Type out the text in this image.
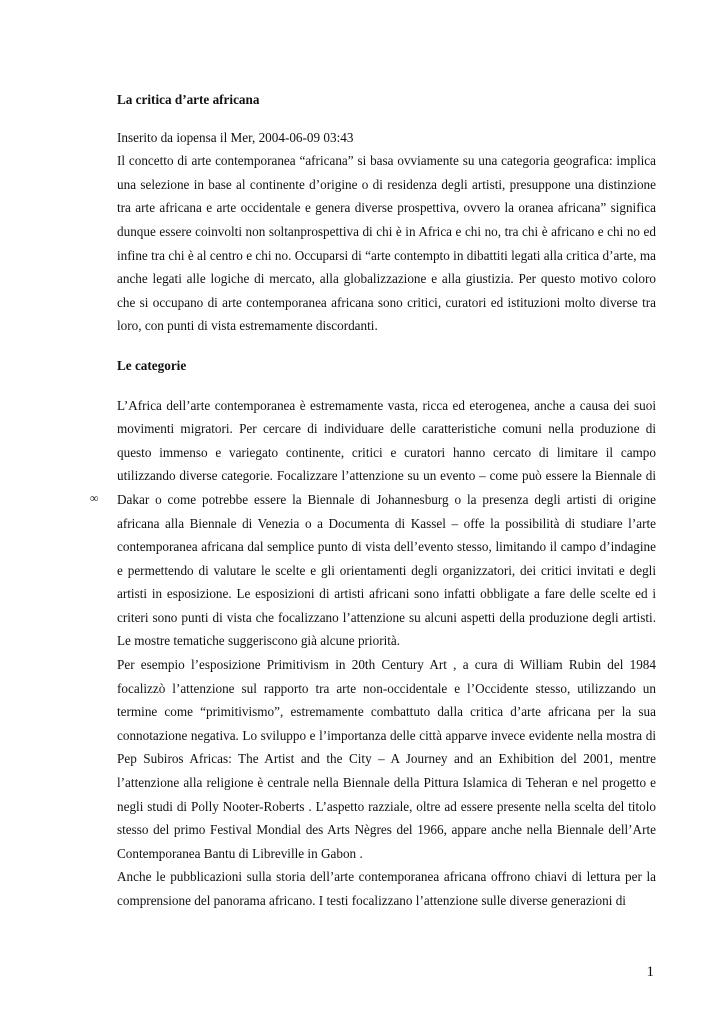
∞
La critica d’arte africana
Inserito da iopensa il Mer, 2004-06-09 03:43

Il concetto di arte contemporanea “africana” si basa ovviamente su una categoria geografica: implica una selezione in base al continente d’origine o di residenza degli artisti, presuppone una distinzione tra arte africana e arte occidentale e genera diverse prospettiva, ovvero la oranea africana” significa dunque essere coinvolti non soltanprospettiva di chi è in Africa e chi no, tra chi è africano e chi no ed infine tra chi è al centro e chi no. Occuparsi di “arte contempto in dibattiti legati alla critica d’arte, ma anche legati alle logiche di mercato, alla globalizzazione e alla giustizia. Per questo motivo coloro che si occupano di arte contemporanea africana sono critici, curatori ed istituzioni molto diverse tra loro, con punti di vista estremamente discordanti.

Le categorie

L’Africa dell’arte contemporanea è estremamente vasta, ricca ed eterogenea, anche a causa dei suoi movimenti migratori. Per cercare di individuare delle caratteristiche comuni nella produzione di questo immenso e variegato continente, critici e curatori hanno cercato di limitare il campo utilizzando diverse categorie. Focalizzare l’attenzione su un evento – come può essere la Biennale di Dakar o come potrebbe essere la Biennale di Johannesburg o la presenza degli artisti di origine africana alla Biennale di Venezia o a Documenta di Kassel – offe la possibilità di studiare l’arte contemporanea africana dal semplice punto di vista dell’evento stesso, limitando il campo d’indagine e permettendo di valutare le scelte e gli orientamenti degli organizzatori, dei critici invitati e degli artisti in esposizione. Le esposizioni di artisti africani sono infatti obbligate a fare delle scelte ed i criteri sono punti di vista che focalizzano l’attenzione su alcuni aspetti della produzione degli artisti. Le mostre tematiche suggeriscono già alcune priorità.

Per esempio l’esposizione Primitivism in 20th Century Art , a cura di William Rubin del 1984 focalizzò l’attenzione sul rapporto tra arte non-occidentale e l’Occidente stesso, utilizzando un termine come “primitivismo”, estremamente combattuto dalla critica d’arte africana per la sua connotazione negativa. Lo sviluppo e l’importanza delle città apparve invece evidente nella mostra di Pep Subiros Africas: The Artist and the City – A Journey and an Exhibition del 2001, mentre l’attenzione alla religione è centrale nella Biennale della Pittura Islamica di Teheran e nel progetto e negli studi di Polly Nooter-Roberts . L’aspetto razziale, oltre ad essere presente nella scelta del titolo stesso del primo Festival Mondial des Arts Nègres del 1966, appare anche nella Biennale dell’Arte Contemporanea Bantu di Libreville in Gabon .

Anche le pubblicazioni sulla storia dell’arte contemporanea africana offrono chiavi di lettura per la comprensione del panorama africano. I testi focalizzano l’attenzione sulle diverse generazioni di

1
